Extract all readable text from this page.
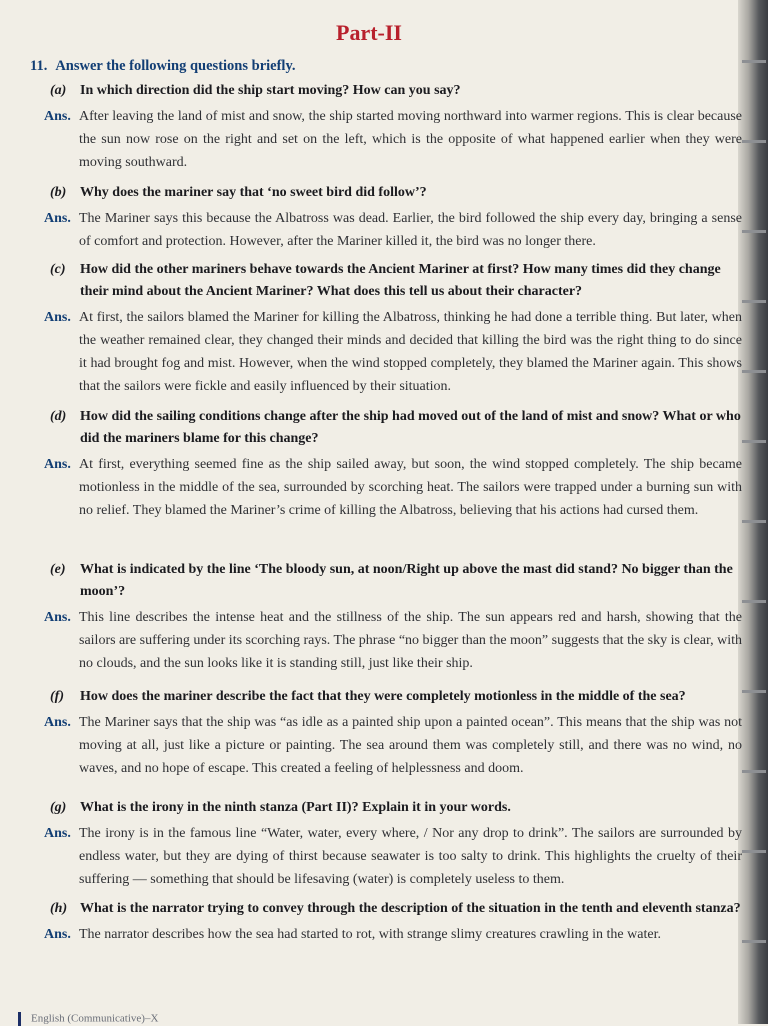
Part-II
11. Answer the following questions briefly.
(a) In which direction did the ship start moving? How can you say?
Ans. After leaving the land of mist and snow, the ship started moving northward into warmer regions. This is clear because the sun now rose on the right and set on the left, which is the opposite of what happened earlier when they were moving southward.
(b) Why does the mariner say that ‘no sweet bird did follow’?
Ans. The Mariner says this because the Albatross was dead. Earlier, the bird followed the ship every day, bringing a sense of comfort and protection. However, after the Mariner killed it, the bird was no longer there.
(c)	How did the other mariners behave towards the Ancient Mariner at first? How many times did they change their mind about the Ancient Mariner? What does this tell us about their character?
Ans. At first, the sailors blamed the Mariner for killing the Albatross, thinking he had done a terrible thing. But later, when the weather remained clear, they changed their minds and decided that killing the bird was the right thing to do since it had brought fog and mist. However, when the wind stopped completely, they blamed the Mariner again. This shows that the sailors were fickle and easily influenced by their situation.
(d) How did the sailing conditions change after the ship had moved out of the land of mist and snow? What or who did the mariners blame for this change?
Ans. At first, everything seemed fine as the ship sailed away, but soon, the wind stopped completely. The ship became motionless in the middle of the sea, surrounded by scorching heat. The sailors were trapped under a burning sun with no relief. They blamed the Mariner’s crime of killing the Albatross, believing that his actions had cursed them.
(e)	What is indicated by the line ‘The bloody sun, at noon/Right up above the mast did stand? No bigger than the moon’?
Ans. This line describes the intense heat and the stillness of the ship. The sun appears red and harsh, showing that the sailors are suffering under its scorching rays. The phrase “no bigger than the moon” suggests that the sky is clear, with no clouds, and the sun looks like it is standing still, just like their ship.
(f)	How does the mariner describe the fact that they were completely motionless in the middle of the sea?
Ans. The Mariner says that the ship was “as idle as a painted ship upon a painted ocean”. This means that the ship was not moving at all, just like a picture or painting. The sea around them was completely still, and there was no wind, no waves, and no hope of escape. This created a feeling of helplessness and doom.
(g) What is the irony in the ninth stanza (Part II)? Explain it in your words.
Ans. The irony is in the famous line “Water, water, every where, / Nor any drop to drink”. The sailors are surrounded by endless water, but they are dying of thirst because seawater is too salty to drink. This highlights the cruelty of their suffering — something that should be lifesaving (water) is completely useless to them.
(h) What is the narrator trying to convey through the description of the situation in the tenth and eleventh stanza?
Ans. The narrator describes how the sea had started to rot, with strange slimy creatures crawling in the water.
English (Communicative)–X
